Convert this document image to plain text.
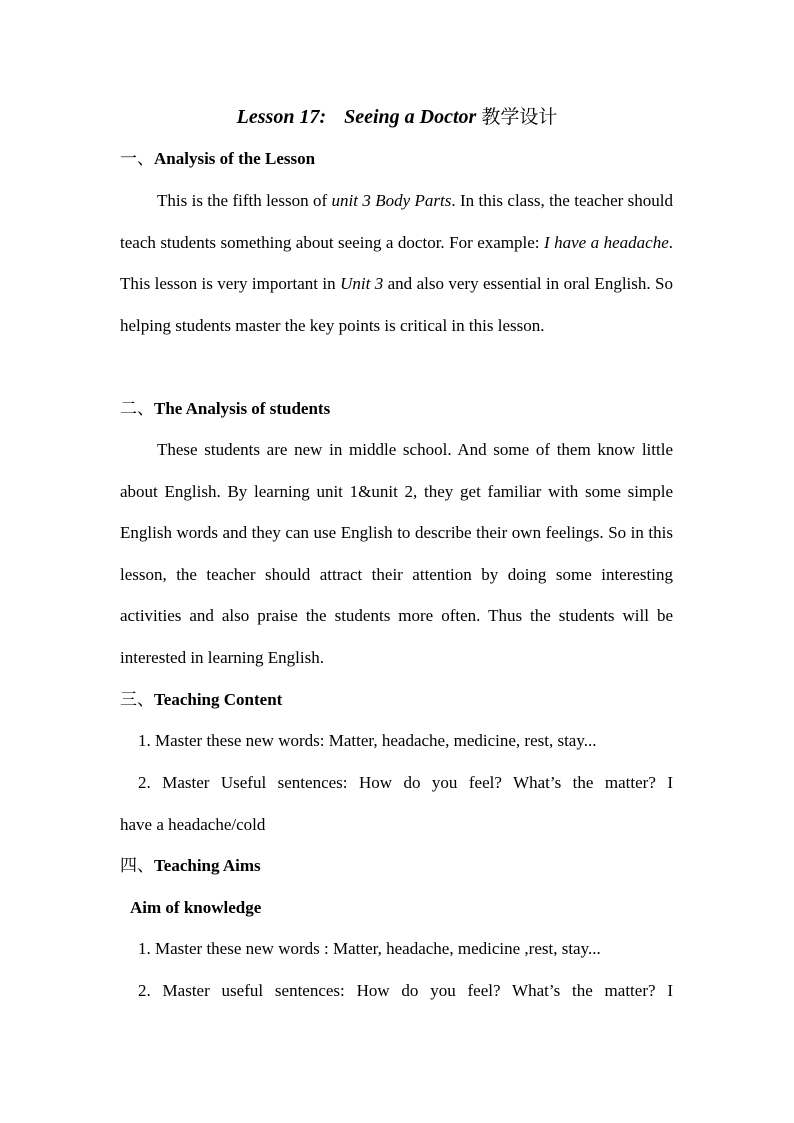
Lesson 17: Seeing a Doctor 教学设计
一、Analysis of the Lesson
This is the fifth lesson of unit 3 Body Parts. In this class, the teacher should teach students something about seeing a doctor. For example: I have a headache. This lesson is very important in Unit 3 and also very essential in oral English. So helping students master the key points is critical in this lesson.
二、The Analysis of students
These students are new in middle school. And some of them know little about English. By learning unit 1&unit 2, they get familiar with some simple English words and they can use English to describe their own feelings. So in this lesson, the teacher should attract their attention by doing some interesting activities and also praise the students more often. Thus the students will be interested in learning English.
三、Teaching Content
1. Master these new words: Matter, headache, medicine, rest, stay...
2. Master Useful sentences: How do you feel? What’s the matter? I
have a headache/cold
四、Teaching Aims
Aim of knowledge
1. Master these new words : Matter, headache, medicine ,rest, stay...
2. Master useful sentences: How do you feel? What’s the matter? I
